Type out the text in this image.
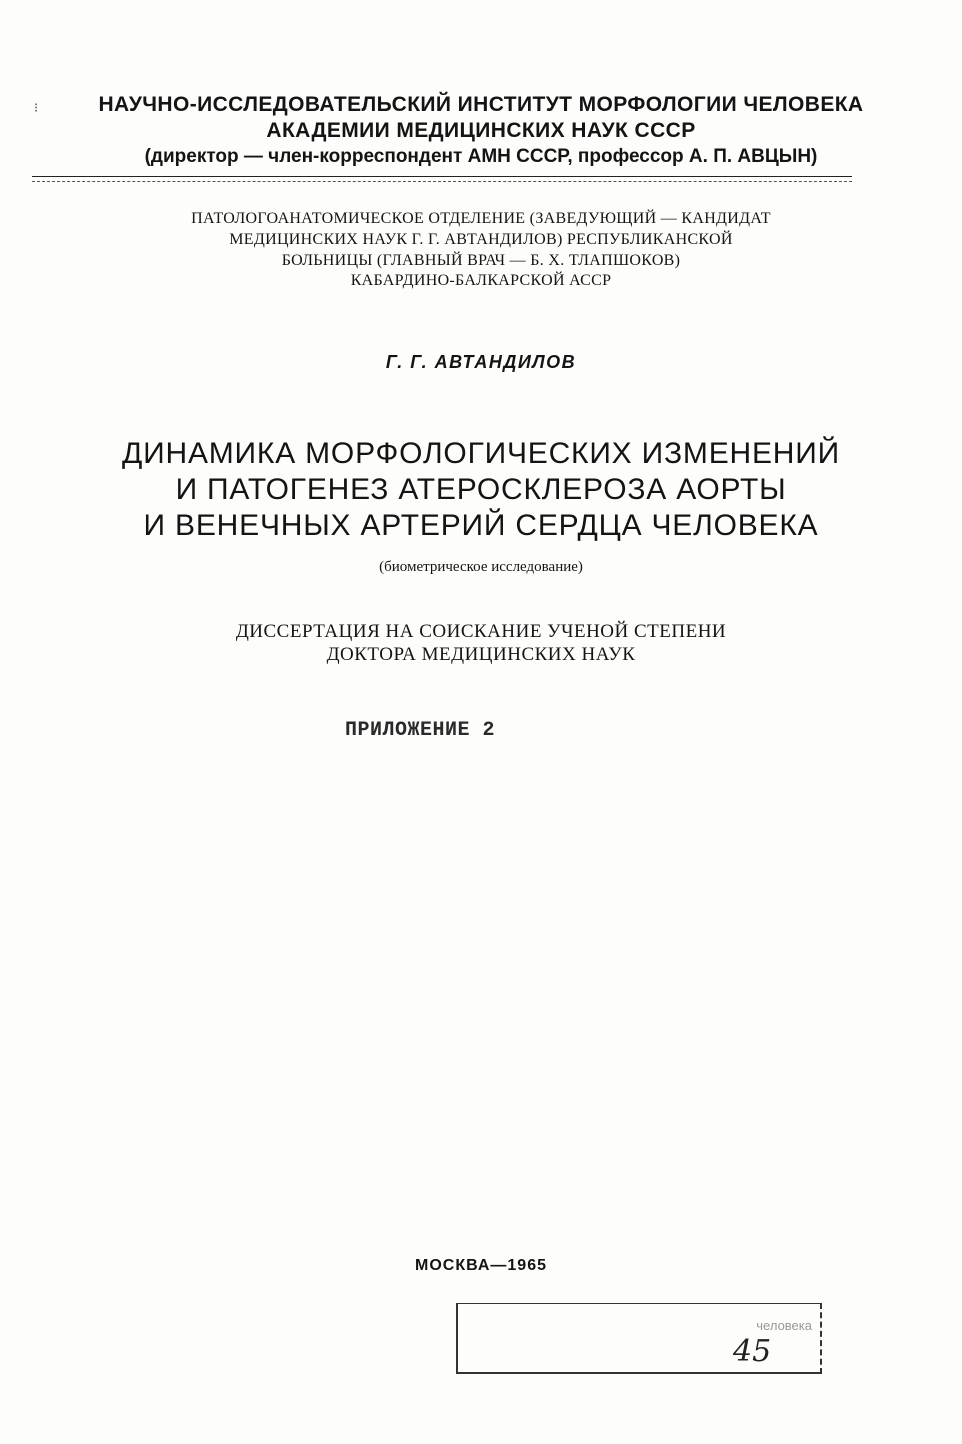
⁝	НАУЧНО-ИССЛЕДОВАТЕЛЬСКИЙ ИНСТИТУТ МОРФОЛОГИИ ЧЕЛОВЕКА
АКАДЕМИИ МЕДИЦИНСКИХ НАУК СССР
(директор — член-корреспондент АМН СССР, профессор А. П. АВЦЫН)
ПАТОЛОГОАНАТОМИЧЕСКОЕ ОТДЕЛЕНИЕ (ЗАВЕДУЮЩИЙ — КАНДИДАТ
МЕДИЦИНСКИХ НАУК Г. Г. АВТАНДИЛОВ) РЕСПУБЛИКАНСКОЙ
БОЛЬНИЦЫ (ГЛАВНЫЙ ВРАЧ — Б. Х. ТЛАПШОКОВ)
КАБАРДИНО-БАЛКАРСКОЙ АССР
Г. Г. АВТАНДИЛОВ
ДИНАМИКА МОРФОЛОГИЧЕСКИХ ИЗМЕНЕНИЙ
И ПАТОГЕНЕЗ АТЕРОСКЛЕРОЗА АОРТЫ
И ВЕНЕЧНЫХ АРТЕРИЙ СЕРДЦА ЧЕЛОВЕКА
(биометрическое исследование)
ДИССЕРТАЦИЯ НА СОИСКАНИЕ УЧЕНОЙ СТЕПЕНИ
ДОКТОРА МЕДИЦИНСКИХ НАУК
ПРИЛОЖЕНИЕ 2
МОСКВА—1965
человека
45
